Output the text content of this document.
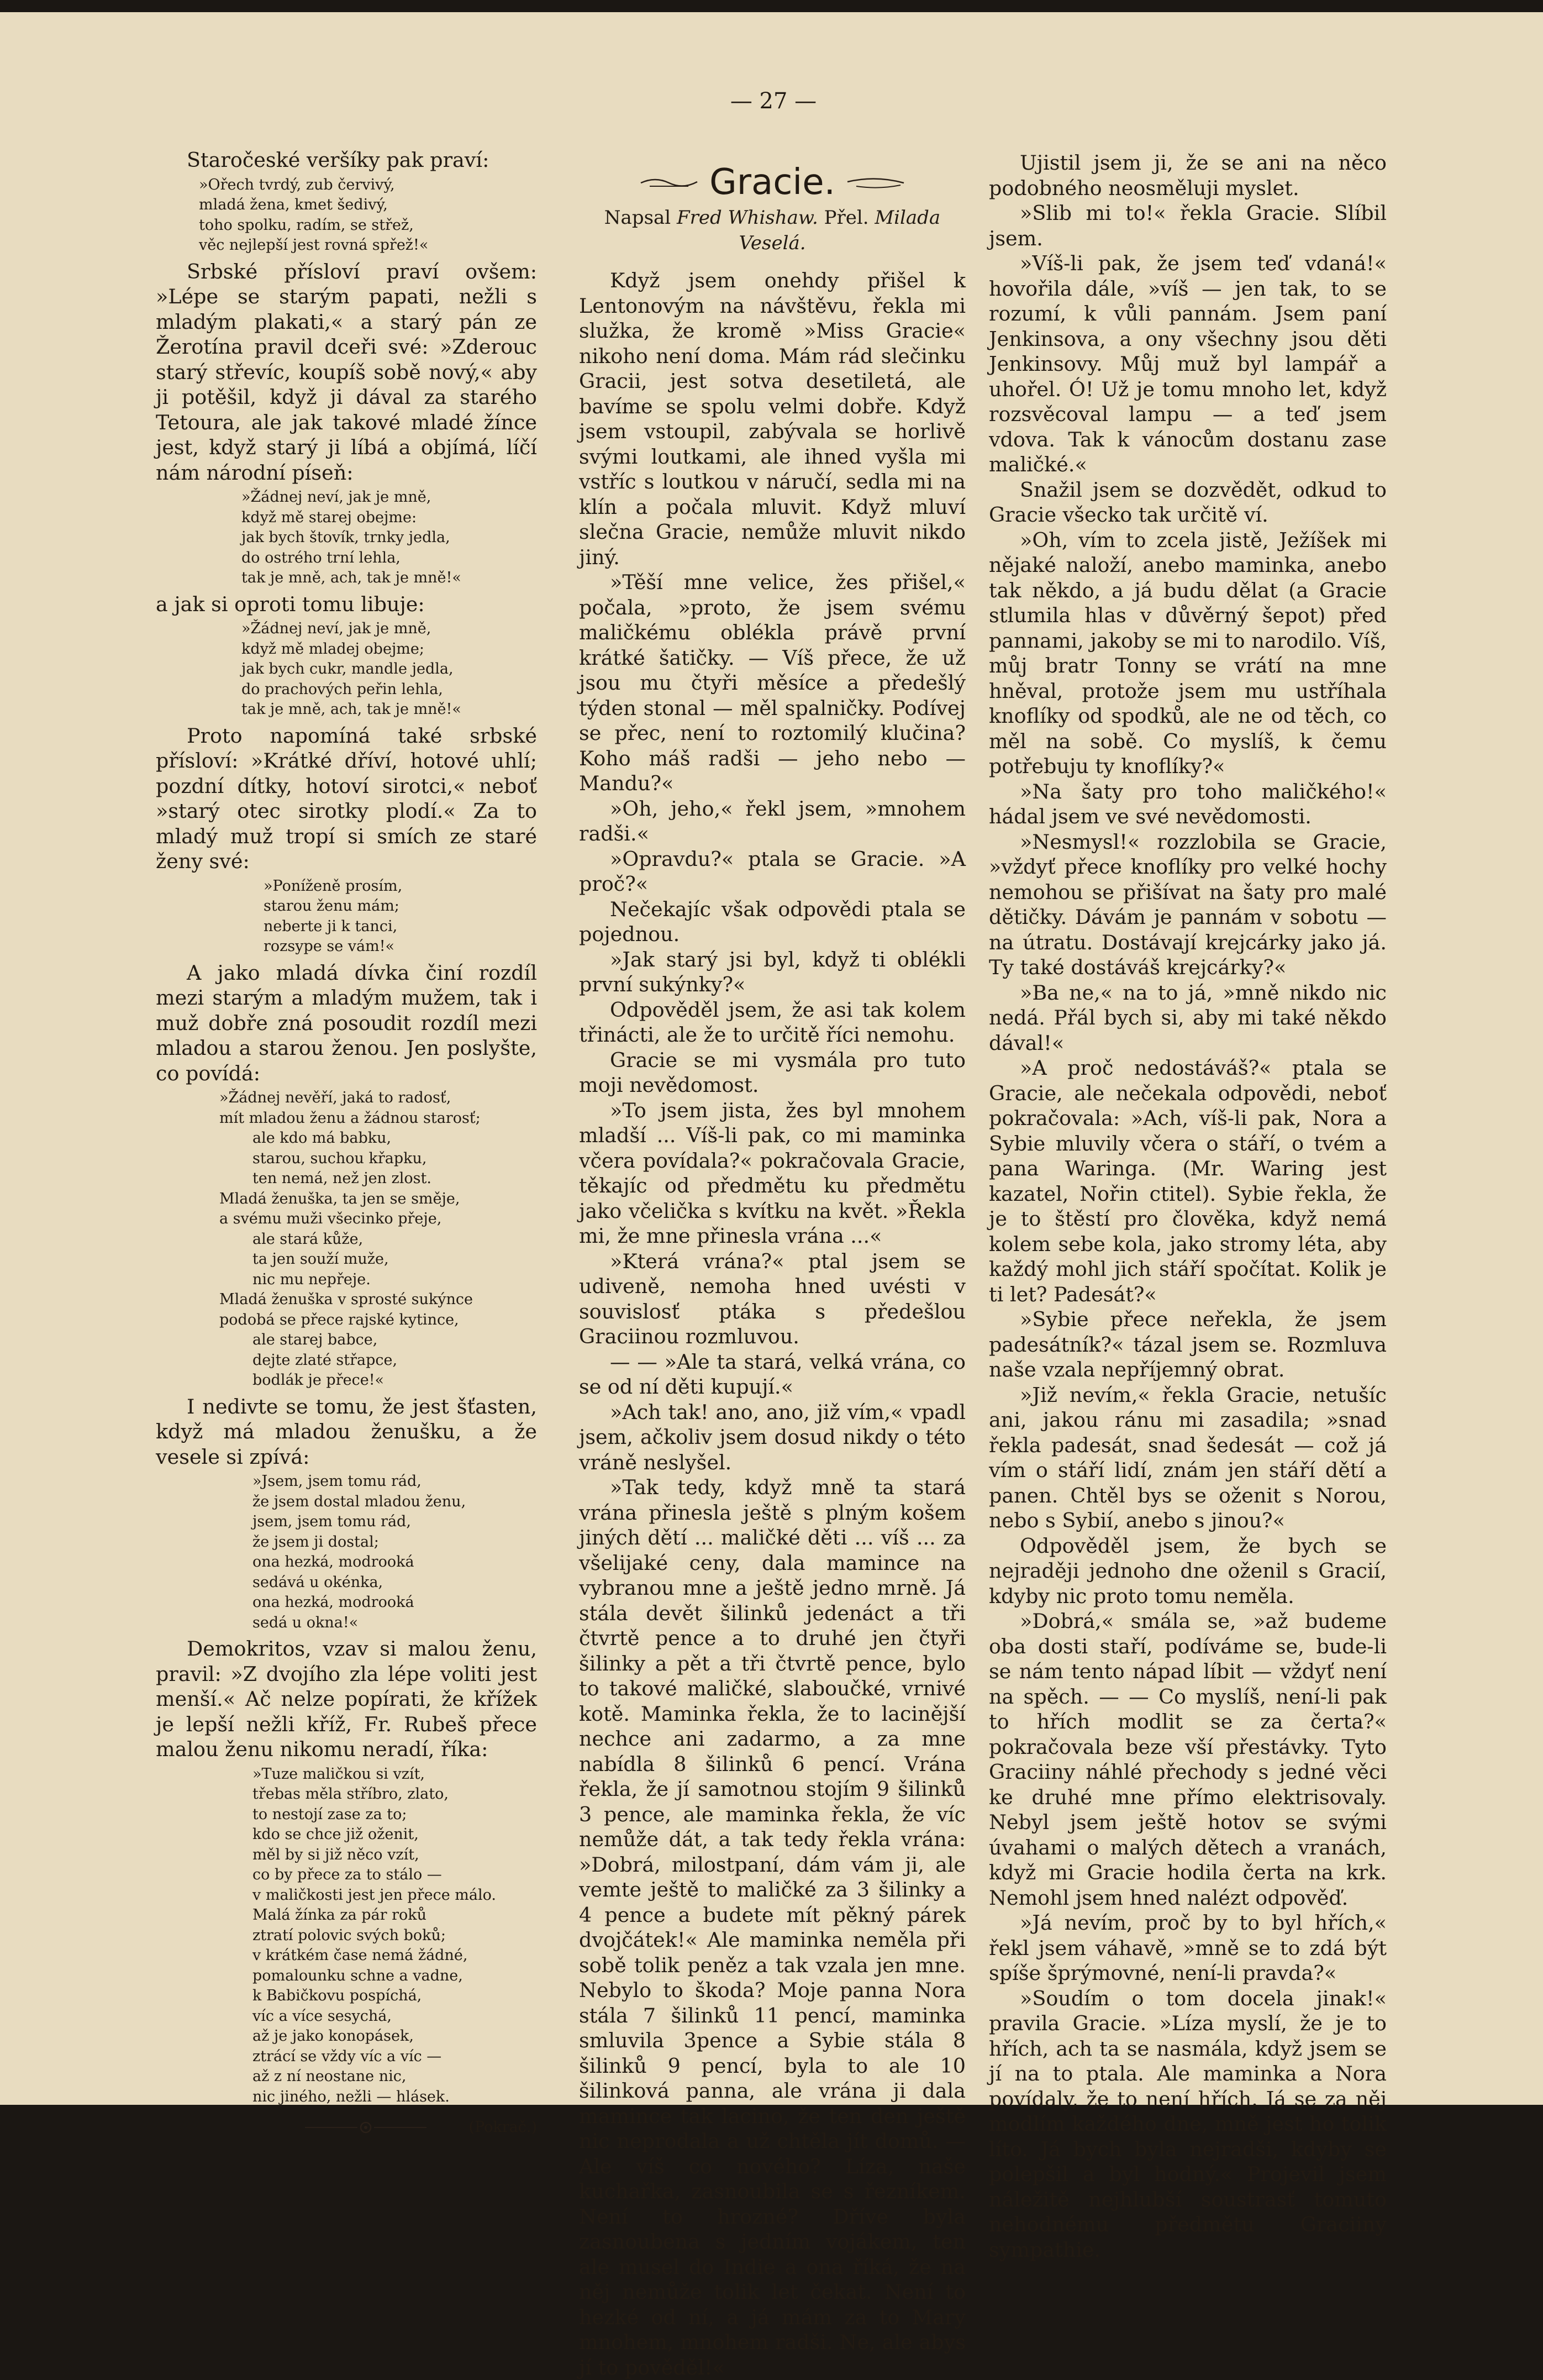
— 27 —

Staročeské veršíky pak praví:

»Ořech tvrdý, zub červivý,
mladá žena, kmet šedivý,
toho spolku, radím, se střež,
věc nejlepší jest rovná spřež!«

Srbské přísloví praví ovšem: »Lépe se starým papati, nežli s mladým plakati,« a starý pán ze Žerotína pravil dceři své: »Zderouc starý střevíc, koupíš sobě nový,« aby ji potěšil, když ji dával za starého Tetoura, ale jak takové mladé žínce jest, když starý ji líbá a objímá, líčí nám národní píseň:

»Žádnej neví, jak je mně,
když mě starej obejme:
jak bych štovík, trnky jedla,
do ostrého trní lehla,
tak je mně, ach, tak je mně!«

a jak si oproti tomu libuje:

»Žádnej neví, jak je mně,
když mě mladej obejme;
jak bych cukr, mandle jedla,
do prachových peřin lehla,
tak je mně, ach, tak je mně!«

Proto napomíná také srbské přísloví: »Krátké dříví, hotové uhlí; pozdní dítky, hotoví sirotci,« neboť »starý otec sirotky plodí.« Za to mladý muž tropí si smích ze staré ženy své:

»Poníženě prosím,
starou ženu mám;
neberte ji k tanci,
rozsype se vám!«

A jako mladá dívka činí rozdíl mezi starým a mladým mužem, tak i muž dobře zná posoudit rozdíl mezi mladou a starou ženou. Jen poslyšte, co povídá:

»Žádnej nevěří, jaká to radosť,
mít mladou ženu a žádnou starosť;
ale kdo má babku,
starou, suchou křapku,
ten nemá, než jen zlost.
Mladá ženuška, ta jen se směje,
a svému muži všecinko přeje,
ale stará kůže,
ta jen souží muže,
nic mu nepřeje.
Mladá ženuška v sprosté sukýnce
podobá se přece rajské kytince,
ale starej babce,
dejte zlaté střapce,
bodlák je přece!«

I nedivte se tomu, že jest šťasten, když má mladou ženušku, a že vesele si zpívá:

»Jsem, jsem tomu rád,
že jsem dostal mladou ženu,
jsem, jsem tomu rád,
že jsem ji dostal;
ona hezká, modrooká
sedává u okénka,
ona hezká, modrooká
sedá u okna!«

Demokritos, vzav si malou ženu, pravil: »Z dvojího zla lépe voliti jest menší.« Ač nelze popírati, že křížek je lepší nežli kříž, Fr. Rubeš přece malou ženu nikomu neradí, říka:

»Tuze maličkou si vzít,
třebas měla stříbro, zlato,
to nestojí zase za to;
kdo se chce již oženit,
měl by si již něco vzít,
co by přece za to stálo —
v maličkosti jest jen přece málo.
Malá žínka za pár roků
ztratí polovic svých boků;
v krátkém čase nemá žádné,
pomalounku schne a vadne,
k Babičkovu pospíchá,
víc a více sesychá,
až je jako konopásek,
ztrácí se vždy víc a víc —
až z ní neostane nic,
nic jiného, nežli — hlásek.
(Pokrač.)
Gracie.
Napsal Fred Whishaw. Přel. Milada Veselá.

Když jsem onehdy přišel k Lentonovým na návštěvu, řekla mi služka, že kromě »Miss Gracie« nikoho není doma. Mám rád slečinku Gracii, jest sotva desetiletá, ale bavíme se spolu velmi dobře. Když jsem vstoupil, zabývala se horlivě svými loutkami, ale ihned vyšla mi vstříc s loutkou v náručí, sedla mi na klín a počala mluvit. Když mluví slečna Gracie, nemůže mluvit nikdo jiný.

»Těší mne velice, žes přišel,« počala, »proto, že jsem svému maličkému oblékla právě první krátké šatičky. — Víš přece, že už jsou mu čtyři měsíce a předešlý týden stonal — měl spalničky. Podívej se přec, není to roztomilý klučina? Koho máš radši — jeho nebo — Mandu?«

»Oh, jeho,« řekl jsem, »mnohem radši.«

»Opravdu?« ptala se Gracie. »A proč?«

Nečekajíc však odpovědi ptala se pojednou.

»Jak starý jsi byl, když ti oblékli první sukýnky?«

Odpověděl jsem, že asi tak kolem třinácti, ale že to určitě říci nemohu.

Gracie se mi vysmála pro tuto moji nevědomost.

»To jsem jista, žes byl mnohem mladší ... Víš-li pak, co mi maminka včera povídala?« pokračovala Gracie, těkajíc od předmětu ku předmětu jako včelička s kvítku na květ. »Řekla mi, že mne přinesla vrána ...«

»Která vrána?« ptal jsem se udiveně, nemoha hned uvésti v souvislosť ptáka s předešlou Graciinou rozmluvou.

— — »Ale ta stará, velká vrána, co se od ní děti kupují.«

»Ach tak! ano, ano, již vím,« vpadl jsem, ačkoliv jsem dosud nikdy o této vráně neslyšel.

»Tak tedy, když mně ta stará vrána přinesla ještě s plným košem jiných dětí ... maličké děti ... víš ... za všelijaké ceny, dala mamince na vybranou mne a ještě jedno mrně. Já stála devět šilinků jedenáct a tři čtvrtě pence a to druhé jen čtyři šilinky a pět a tři čtvrtě pence, bylo to takové maličké, slaboučké, vrnivé kotě. Maminka řekla, že to lacinější nechce ani zadarmo, a za mne nabídla 8 šilinků 6 pencí. Vrána řekla, že jí samotnou stojím 9 šilinků 3 pence, ale maminka řekla, že víc nemůže dát, a tak tedy řekla vrána: »Dobrá, milostpaní, dám vám ji, ale vemte ještě to maličké za 3 šilinky a 4 pence a budete mít pěkný párek dvojčátek!« Ale maminka neměla při sobě tolik peněz a tak vzala jen mne. Nebylo to škoda? Moje panna Nora stála 7 šilinků 11 pencí, maminka smluvila 3pence a Sybie stála 8 šilinků 9 pencí, byla to ale 10 šilinková panna, ale vrána ji dala mamince tak lacino, že ten den ještě nic neprodala a už chtěla jít domů. — Ale víš co nového? Líza, naše kuchařka, zasnoubila se s řezníkem. Není to hrozné? Dříve byla zasnoubena s jedním vojákem, ten ale musel do Indie a ona říká, že na něj nemůže tolik let čekat. Není to hezké od ní, a já mám za to Mary mnohem, mnohem radši. Ne, ale abys jí to pověděl!«

Ujistil jsem ji, že se ani na něco podobného neosměluji myslet.

»Slib mi to!« řekla Gracie. Slíbil jsem.

»Víš-li pak, že jsem teď vdaná!« hovořila dále, »víš — jen tak, to se rozumí, k vůli pannám. Jsem paní Jenkinsova, a ony všechny jsou děti Jenkinsovy. Můj muž byl lampář a uhořel. Ó! Už je tomu mnoho let, když rozsvěcoval lampu — a teď jsem vdova. Tak k vánocům dostanu zase maličké.«

Snažil jsem se dozvědět, odkud to Gracie všecko tak určitě ví.

»Oh, vím to zcela jistě, Ježíšek mi nějaké naloží, anebo maminka, anebo tak někdo, a já budu dělat (a Gracie stlumila hlas v důvěrný šepot) před pannami, jakoby se mi to narodilo. Víš, můj bratr Tonny se vrátí na mne hněval, protože jsem mu ustříhala knoflíky od spodků, ale ne od těch, co měl na sobě. Co myslíš, k čemu potřebuju ty knoflíky?«

»Na šaty pro toho maličkého!« hádal jsem ve své nevědomosti.

»Nesmysl!« rozzlobila se Gracie, »vždyť přece knoflíky pro velké hochy nemohou se přišívat na šaty pro malé dětičky. Dávám je pannám v sobotu — na útratu. Dostávají krejcárky jako já. Ty také dostáváš krejcárky?«

»Ba ne,« na to já, »mně nikdo nic nedá. Přál bych si, aby mi také někdo dával!«

»A proč nedostáváš?« ptala se Gracie, ale nečekala odpovědi, neboť pokračovala: »Ach, víš-li pak, Nora a Sybie mluvily včera o stáří, o tvém a pana Waringa. (Mr. Waring jest kazatel, Nořin ctitel). Sybie řekla, že je to štěstí pro člověka, když nemá kolem sebe kola, jako stromy léta, aby každý mohl jich stáří spočítat. Kolik je ti let? Padesát?«

»Sybie přece neřekla, že jsem padesátník?« tázal jsem se. Rozmluva naše vzala nepříjemný obrat.

»Již nevím,« řekla Gracie, netušíc ani, jakou ránu mi zasadila; »snad řekla padesát, snad šedesát — což já vím o stáří lidí, znám jen stáří dětí a panen. Chtěl bys se oženit s Norou, nebo s Sybií, anebo s jinou?«

Odpověděl jsem, že bych se nejraději jednoho dne oženil s Gracií, kdyby nic proto tomu neměla.

»Dobrá,« smála se, »až budeme oba dosti staří, podíváme se, bude-li se nám tento nápad líbit — vždyť není na spěch. — — Co myslíš, není-li pak to hřích modlit se za čerta?« pokračovala beze vší přestávky. Tyto Graciiny náhlé přechody s jedné věci ke druhé mne přímo elektrisovaly. Nebyl jsem ještě hotov se svými úvahami o malých dětech a vranách, když mi Gracie hodila čerta na krk. Nemohl jsem hned nalézt odpověď.

»Já nevím, proč by to byl hřích,« řekl jsem váhavě, »mně se to zdá být spíše šprýmovné, není-li pravda?«

»Soudím o tom docela jinak!« pravila Gracie. »Líza myslí, že je to hřích, ach ta se nasmála, když jsem se jí na to ptala. Ale maminka a Nora povídaly, že to není hřích. Já se za něj modlím každého dne, mně jest ho tolik líto. Já bych byla nejradši, kdyby se polepšil a byl hodný.« Projevil jsem náležitě nejhlubší soustrasť tomuto nehodnému předmětu Graciiny sympathie.
